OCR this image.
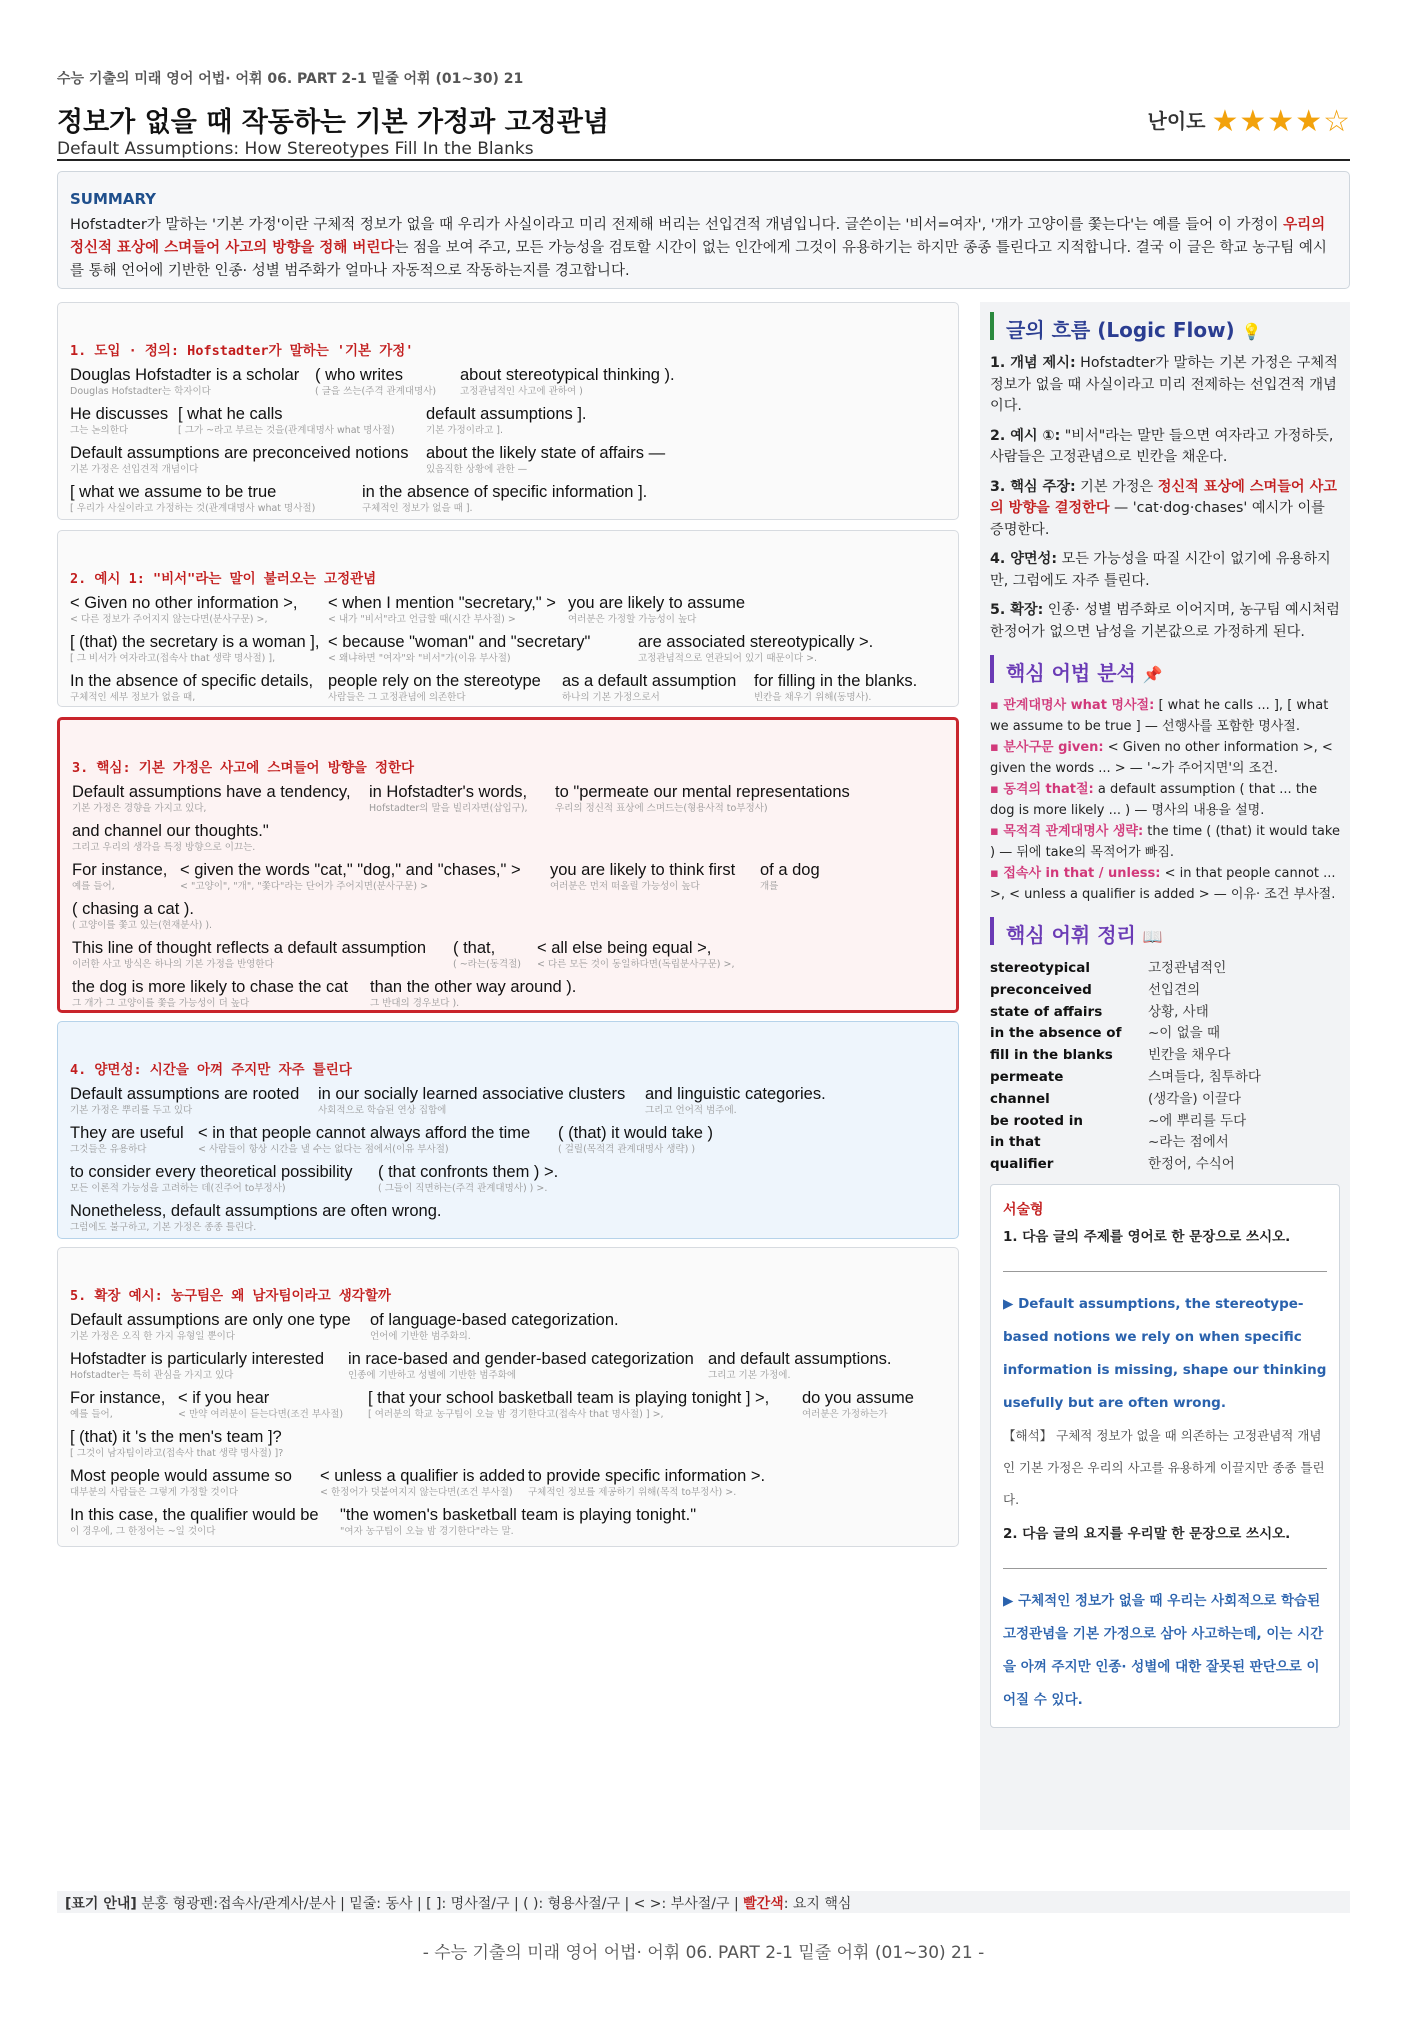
수능 기출의 미래 영어 어법· 어휘 06. PART 2-1 밑줄 어휘 (01~30) 21
정보가 없을 때 작동하는 기본 가정과 고정관념
Default Assumptions: How Stereotypes Fill In the Blanks
난이도 ★★★★☆
SUMMARY

Hofstadter가 말하는 '기본 가정'이란 구체적 정보가 없을 때 우리가 사실이라고 미리 전제해 버리는 선입견적 개념입니다. 글쓴이는 '비서=여자', '개가 고양이를 쫓는다'는 예를 들어 이 가정이 우리의 정신적 표상에 스며들어 사고의 방향을 정해 버린다는 점을 보여 주고, 모든 가능성을 검토할 시간이 없는 인간에게 그것이 유용하기는 하지만 종종 틀린다고 지적합니다. 결국 이 글은 학교 농구팀 예시를 통해 언어에 기반한 인종· 성별 범주화가 얼마나 자동적으로 작동하는지를 경고합니다.

1. 도입 · 정의: Hofstadter가 말하는 '기본 가정'
Douglas Hofstadter is a scholar
Douglas Hofstadter는 학자이다
( who writes
( 글을 쓰는(주격 관계대명사)
about stereotypical thinking ).
고정관념적인 사고에 관하여 )
He discusses
그는 논의한다
[ what he calls
[ 그가 ~라고 부르는 것을(관계대명사 what 명사절)
default assumptions ].
기본 가정이라고 ].
Default assumptions are preconceived notions
기본 가정은 선입견적 개념이다
about the likely state of affairs —
있음직한 상황에 관한 —
[ what we assume to be true
[ 우리가 사실이라고 가정하는 것(관계대명사 what 명사절)
in the absence of specific information ].
구체적인 정보가 없을 때 ].
2. 예시 1: "비서"라는 말이 불러오는 고정관념
< Given no other information >,
< 다른 정보가 주어지지 않는다면(분사구문) >,
< when I mention "secretary," >
< 내가 "비서"라고 언급할 때(시간 부사절) >
you are likely to assume
여러분은 가정할 가능성이 높다
[ (that) the secretary is a woman ],
[ 그 비서가 여자라고(접속사 that 생략 명사절) ],
< because "woman" and "secretary"
< 왜냐하면 "여자"와 "비서"가(이유 부사절)
are associated stereotypically >.
고정관념적으로 연관되어 있기 때문이다 >.
In the absence of specific details,
구체적인 세부 정보가 없을 때,
people rely on the stereotype
사람들은 그 고정관념에 의존한다
as a default assumption
하나의 기본 가정으로서
for filling in the blanks.
빈칸을 채우기 위해(동명사).
3. 핵심: 기본 가정은 사고에 스며들어 방향을 정한다
Default assumptions have a tendency,
기본 가정은 경향을 가지고 있다,
in Hofstadter's words,
Hofstadter의 말을 빌리자면(삽입구),
to "permeate our mental representations
우리의 정신적 표상에 스며드는(형용사적 to부정사)
and channel our thoughts."
그리고 우리의 생각을 특정 방향으로 이끄는.
For instance,
예를 들어,
< given the words "cat," "dog," and "chases," >
< "고양이", "개", "쫓다"라는 단어가 주어지면(분사구문) >
you are likely to think first
여러분은 먼저 떠올릴 가능성이 높다
of a dog
개를
( chasing a cat ).
( 고양이를 쫓고 있는(현재분사) ).
This line of thought reflects a default assumption
이러한 사고 방식은 하나의 기본 가정을 반영한다
( that,
( ~라는(동격절)
< all else being equal >,
< 다른 모든 것이 동일하다면(독립분사구문) >,
the dog is more likely to chase the cat
그 개가 그 고양이를 쫓을 가능성이 더 높다
than the other way around ).
그 반대의 경우보다 ).
4. 양면성: 시간을 아껴 주지만 자주 틀린다
Default assumptions are rooted
기본 가정은 뿌리를 두고 있다
in our socially learned associative clusters
사회적으로 학습된 연상 집합에
and linguistic categories.
그리고 언어적 범주에.
They are useful
그것들은 유용하다
< in that people cannot always afford the time
< 사람들이 항상 시간을 낼 수는 없다는 점에서(이유 부사절)
( (that) it would take )
( 걸릴(목적격 관계대명사 생략) )
to consider every theoretical possibility
모든 이론적 가능성을 고려하는 데(진주어 to부정사)
( that confronts them ) >.
( 그들이 직면하는(주격 관계대명사) ) >.
Nonetheless, default assumptions are often wrong.
그럼에도 불구하고, 기본 가정은 종종 틀린다.
5. 확장 예시: 농구팀은 왜 남자팀이라고 생각할까
Default assumptions are only one type
기본 가정은 오직 한 가지 유형일 뿐이다
of language-based categorization.
언어에 기반한 범주화의.
Hofstadter is particularly interested
Hofstadter는 특히 관심을 가지고 있다
in race-based and gender-based categorization
인종에 기반하고 성별에 기반한 범주화에
and default assumptions.
그리고 기본 가정에.
For instance,
예를 들어,
< if you hear
< 만약 여러분이 듣는다면(조건 부사절)
[ that your school basketball team is playing tonight ] >,
[ 여러분의 학교 농구팀이 오늘 밤 경기한다고(접속사 that 명사절) ] >,
do you assume
여러분은 가정하는가
[ (that) it 's the men's team ]?
[ 그것이 남자팀이라고(접속사 that 생략 명사절) ]?
Most people would assume so
대부분의 사람들은 그렇게 가정할 것이다
< unless a qualifier is added
< 한정어가 덧붙여지지 않는다면(조건 부사절)
to provide specific information >.
구체적인 정보를 제공하기 위해(목적 to부정사) >.
In this case, the qualifier would be
이 경우에, 그 한정어는 ~일 것이다
"the women's basketball team is playing tonight."
"여자 농구팀이 오늘 밤 경기한다"라는 말.
글의 흐름 (Logic Flow) 💡

1. 개념 제시: Hofstadter가 말하는 기본 가정은 구체적 정보가 없을 때 사실이라고 미리 전제하는 선입견적 개념이다.

2. 예시 ①: "비서"라는 말만 들으면 여자라고 가정하듯, 사람들은 고정관념으로 빈칸을 채운다.

3. 핵심 주장: 기본 가정은 정신적 표상에 스며들어 사고의 방향을 결정한다 — 'cat·dog·chases' 예시가 이를 증명한다.

4. 양면성: 모든 가능성을 따질 시간이 없기에 유용하지만, 그럼에도 자주 틀린다.

5. 확장: 인종· 성별 범주화로 이어지며, 농구팀 예시처럼 한정어가 없으면 남성을 기본값으로 가정하게 된다.

핵심 어법 분석 📌

▪ 관계대명사 what 명사절: [ what he calls ... ], [ what we assume to be true ] — 선행사를 포함한 명사절.

▪ 분사구문 given: < Given no other information >, < given the words ... > — '~가 주어지면'의 조건.

▪ 동격의 that절: a default assumption ( that ... the dog is more likely ... ) — 명사의 내용을 설명.

▪ 목적격 관계대명사 생략: the time ( (that) it would take ) — 뒤에 take의 목적어가 빠짐.

▪ 접속사 in that / unless: < in that people cannot ... >, < unless a qualifier is added > — 이유· 조건 부사절.

핵심 어휘 정리 📖
stereotypical	고정관념적인
preconceived	선입견의
state of affairs	상황, 사태
in the absence of	~이 없을 때
fill in the blanks	빈칸을 채우다
permeate	스며들다, 침투하다
channel	(생각을) 이끌다
be rooted in	~에 뿌리를 두다
in that	~라는 점에서
qualifier	한정어, 수식어
서술형
1. 다음 글의 주제를 영어로 한 문장으로 쓰시오.
▶ Default assumptions, the stereotype-based notions we rely on when specific information is missing, shape our thinking usefully but are often wrong.
【해석】 구체적 정보가 없을 때 의존하는 고정관념적 개념인 기본 가정은 우리의 사고를 유용하게 이끌지만 종종 틀린다.
2. 다음 글의 요지를 우리말 한 문장으로 쓰시오.
▶ 구체적인 정보가 없을 때 우리는 사회적으로 학습된 고정관념을 기본 가정으로 삼아 사고하는데, 이는 시간을 아껴 주지만 인종· 성별에 대한 잘못된 판단으로 이어질 수 있다.
[표기 안내] 분홍 형광펜:접속사/관계사/분사 | 밑줄: 동사 | [ ]: 명사절/구 | ( ): 형용사절/구 | < >: 부사절/구 | 빨간색: 요지 핵심
- 수능 기출의 미래 영어 어법· 어휘 06. PART 2-1 밑줄 어휘 (01~30) 21 -
